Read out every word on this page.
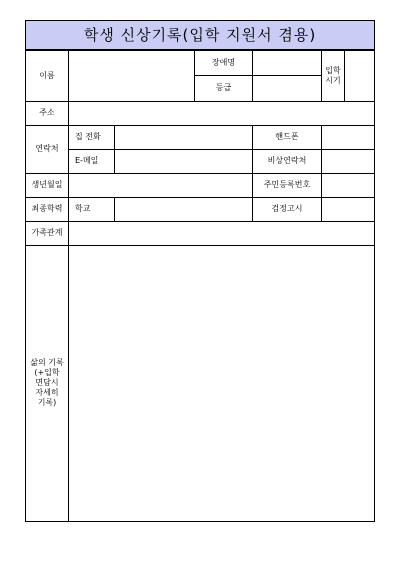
학생 신상기록(입학 지원서 겸용)						
이름			장애명		입학
시기	
			등급			
주소						
연락처	집 전화			핸드폰		
	E-메일			비상연락처		
생년월일				주민등록번호		
최종학력	학교			검정고시		
가족관계						

삶의 기록
(+입학
면담시
자세히
기록)						
